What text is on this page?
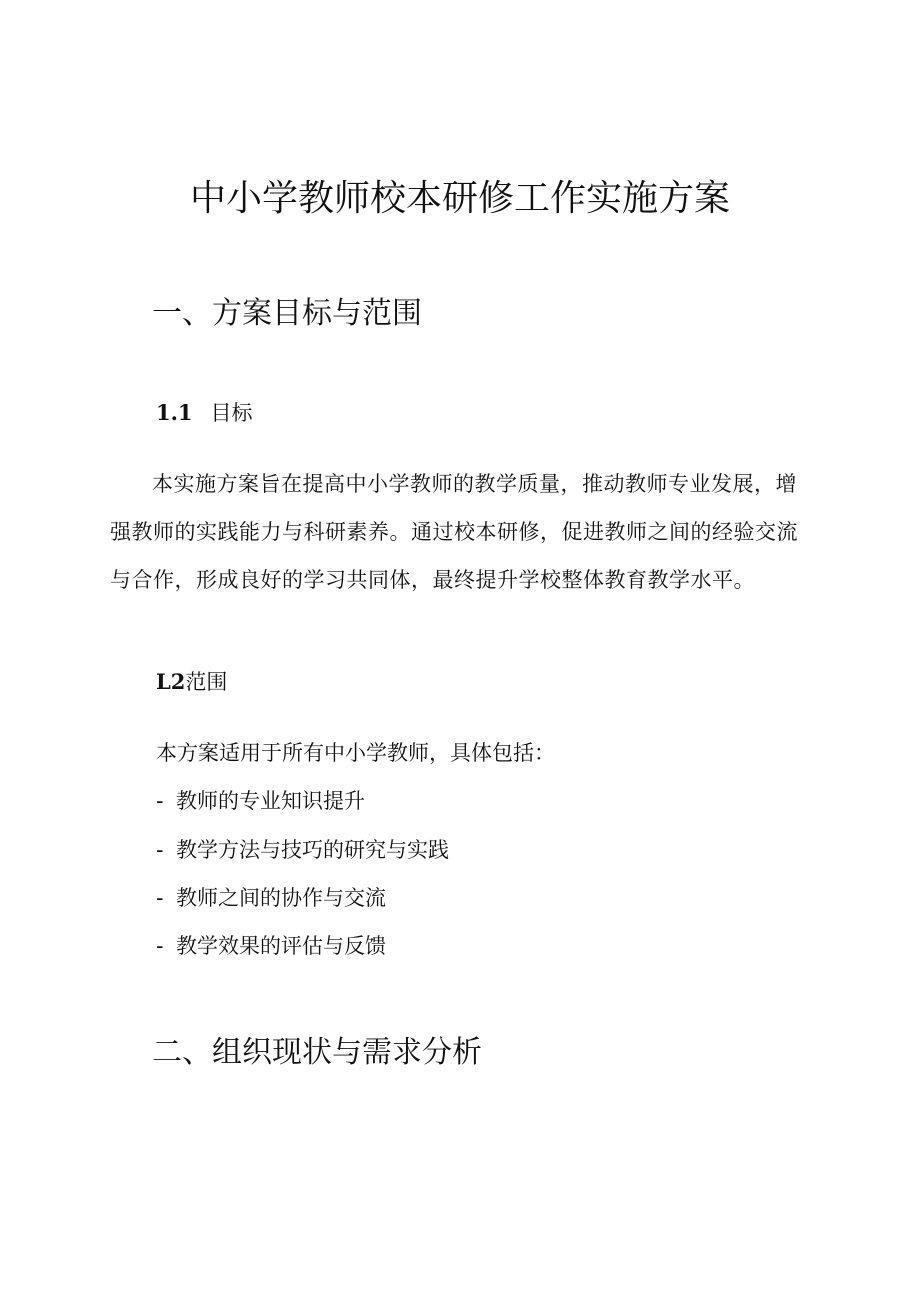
中小学教师校本研修工作实施方案
一、方案目标与范围
1.1 目标

本实施方案旨在提高中小学教师的教学质量，推动教师专业发展，增强教师的实践能力与科研素养。通过校本研修，促进教师之间的经验交流与合作，形成良好的学习共同体，最终提升学校整体教育教学水平。

L2范围

本方案适用于所有中小学教师，具体包括：

- 教师的专业知识提升

- 教学方法与技巧的研究与实践

- 教师之间的协作与交流

- 教学效果的评估与反馈

二、组织现状与需求分析
